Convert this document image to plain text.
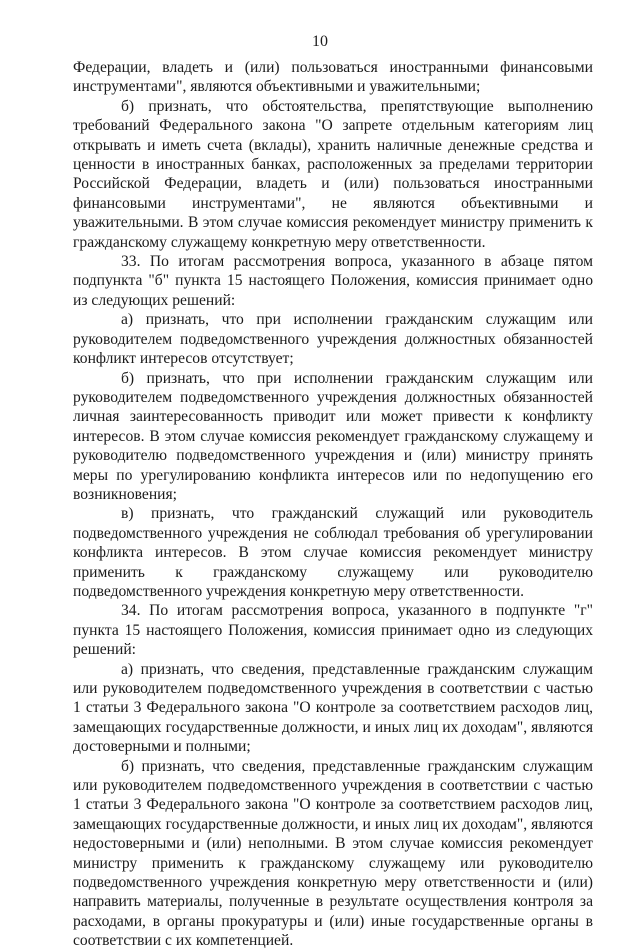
10

Федерации, владеть и (или) пользоваться иностранными финансовыми инструментами", являются объективными и уважительными;

б) признать, что обстоятельства, препятствующие выполнению требований Федерального закона "О запрете отдельным категориям лиц открывать и иметь счета (вклады), хранить наличные денежные средства и ценности в иностранных банках, расположенных за пределами территории Российской Федерации, владеть и (или) пользоваться иностранными финансовыми инструментами", не являются объективными и уважительными. В этом случае комиссия рекомендует министру применить к гражданскому служащему конкретную меру ответственности.

33. По итогам рассмотрения вопроса, указанного в абзаце пятом подпункта "б" пункта 15 настоящего Положения, комиссия принимает одно из следующих решений:

а) признать, что при исполнении гражданским служащим или руководителем подведомственного учреждения должностных обязанностей конфликт интересов отсутствует;

б) признать, что при исполнении гражданским служащим или руководителем подведомственного учреждения должностных обязанностей личная заинтересованность приводит или может привести к конфликту интересов. В этом случае комиссия рекомендует гражданскому служащему и руководителю подведомственного учреждения и (или) министру принять меры по урегулированию конфликта интересов или по недопущению его возникновения;

в) признать, что гражданский служащий или руководитель подведомственного учреждения не соблюдал требования об урегулировании конфликта интересов. В этом случае комиссия рекомендует министру применить к гражданскому служащему или руководителю подведомственного учреждения конкретную меру ответственности.

34. По итогам рассмотрения вопроса, указанного в подпункте "г" пункта 15 настоящего Положения, комиссия принимает одно из следующих решений:

а) признать, что сведения, представленные гражданским служащим или руководителем подведомственного учреждения в соответствии с частью 1 статьи 3 Федерального закона "О контроле за соответствием расходов лиц, замещающих государственные должности, и иных лиц их доходам", являются достоверными и полными;

б) признать, что сведения, представленные гражданским служащим или руководителем подведомственного учреждения в соответствии с частью 1 статьи 3 Федерального закона "О контроле за соответствием расходов лиц, замещающих государственные должности, и иных лиц их доходам", являются недостоверными и (или) неполными. В этом случае комиссия рекомендует министру применить к гражданскому служащему или руководителю подведомственного учреждения конкретную меру ответственности и (или) направить материалы, полученные в результате осуществления контроля за расходами, в органы прокуратуры и (или) иные государственные органы в соответствии с их компетенцией.
